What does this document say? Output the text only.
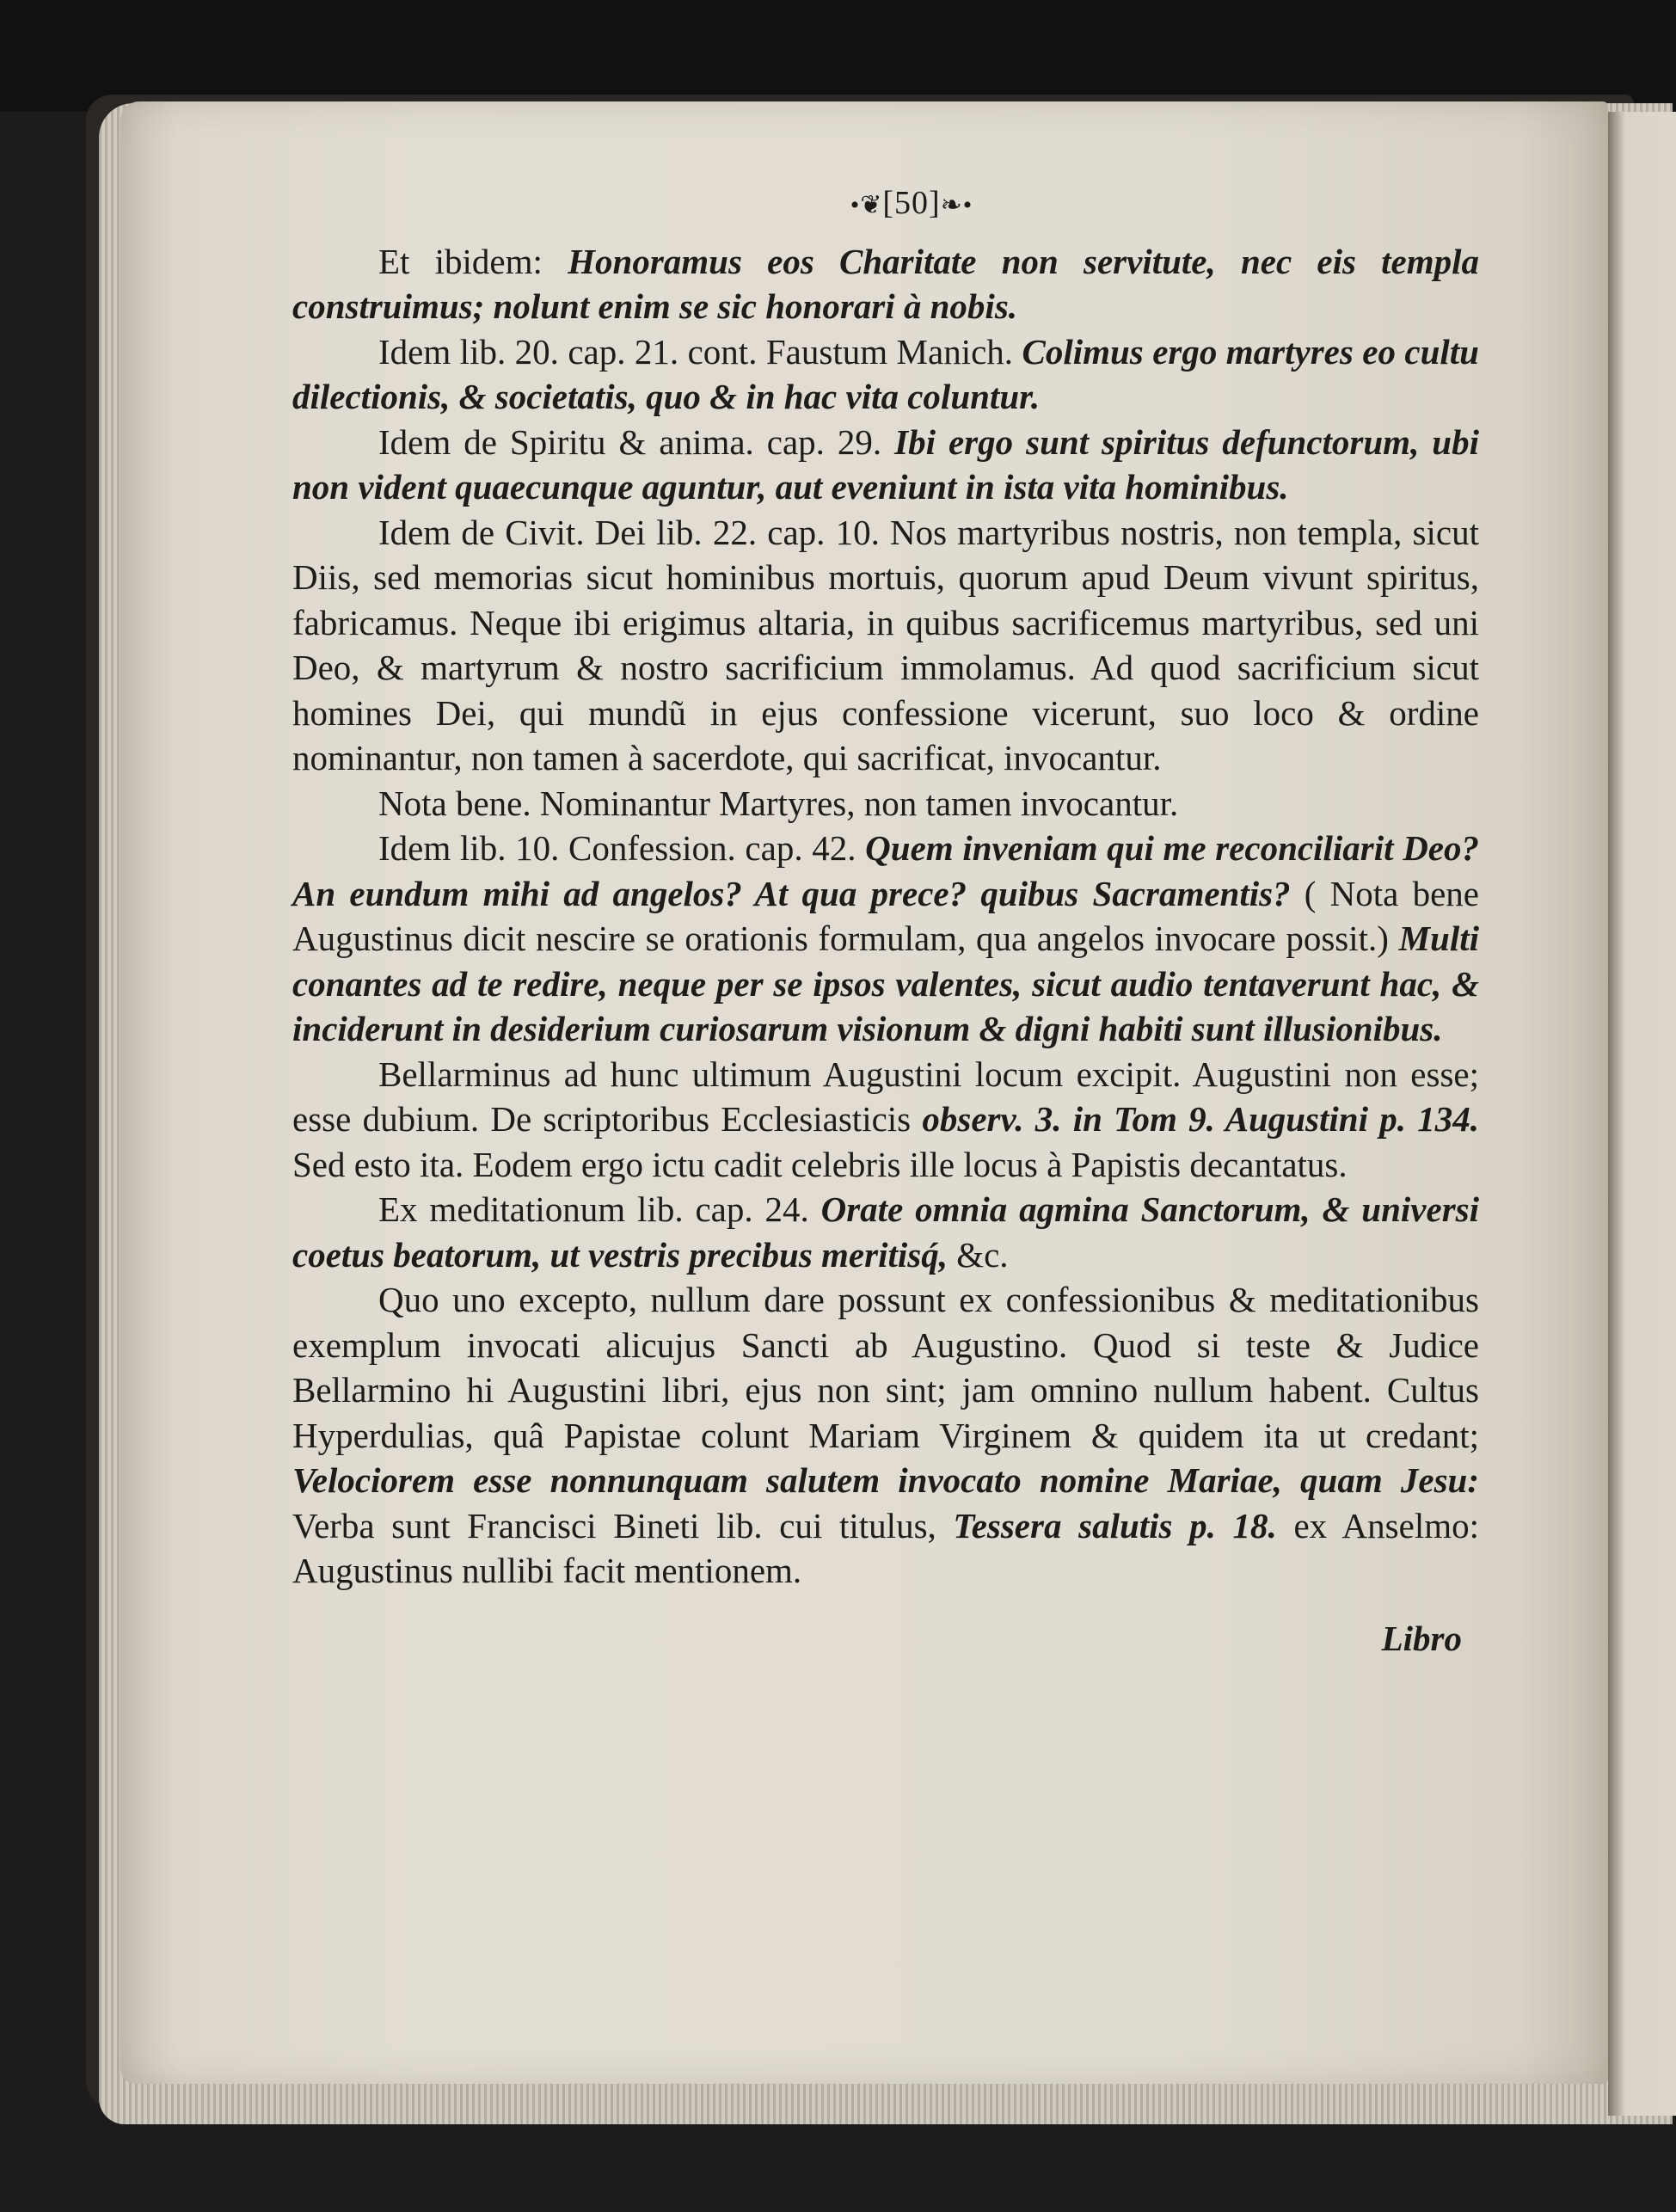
•❦[50]❧•

Et ibidem: Honoramus eos Charitate non servitute, nec eis templa construimus; nolunt enim se sic honorari à nobis.

Idem lib. 20. cap. 21. cont. Faustum Manich. Colimus ergo martyres eo cultu dilectionis, & societatis, quo & in hac vita coluntur.

Idem de Spiritu & anima. cap. 29. Ibi ergo sunt spiritus defunctorum, ubi non vident quaecunque aguntur, aut eveniunt in ista vita hominibus.

Idem de Civit. Dei lib. 22. cap. 10. Nos martyribus nostris, non templa, sicut Diis, sed memorias sicut hominibus mortuis, quorum apud Deum vivunt spiritus, fabricamus. Neque ibi erigimus altaria, in quibus sacrificemus martyribus, sed uni Deo, & martyrum & nostro sacrificium immolamus. Ad quod sacrificium sicut homines Dei, qui mundũ in ejus confessione vicerunt, suo loco & ordine nominantur, non tamen à sacerdote, qui sacrificat, invocantur.

Nota bene. Nominantur Martyres, non tamen invocantur.

Idem lib. 10. Confession. cap. 42. Quem inveniam qui me reconciliarit Deo? An eundum mihi ad angelos? At qua prece? quibus Sacramentis? ( Nota bene Augustinus dicit nescire se orationis formulam, qua angelos invocare possit.) Multi conantes ad te redire, neque per se ipsos valentes, sicut audio tentaverunt hac, & inciderunt in desiderium curiosarum visionum & digni habiti sunt illusionibus.

Bellarminus ad hunc ultimum Augustini locum excipit. Augustini non esse; esse dubium. De scriptoribus Ecclesiasticis observ. 3. in Tom 9. Augustini p. 134. Sed esto ita. Eodem ergo ictu cadit celebris ille locus à Papistis decantatus.

Ex meditationum lib. cap. 24. Orate omnia agmina Sanctorum, & universi coetus beatorum, ut vestris precibus meritisq́, &c.

Quo uno excepto, nullum dare possunt ex confessionibus & meditationibus exemplum invocati alicujus Sancti ab Augustino. Quod si teste & Judice Bellarmino hi Augustini libri, ejus non sint; jam omnino nullum habent. Cultus Hyperdulias, quâ Papistae colunt Mariam Virginem & quidem ita ut credant; Velociorem esse nonnunquam salutem invocato nomine Mariae, quam Jesu: Verba sunt Francisci Bineti lib. cui titulus, Tessera salutis p. 18. ex Anselmo: Augustinus nullibi facit mentionem.

Libro
